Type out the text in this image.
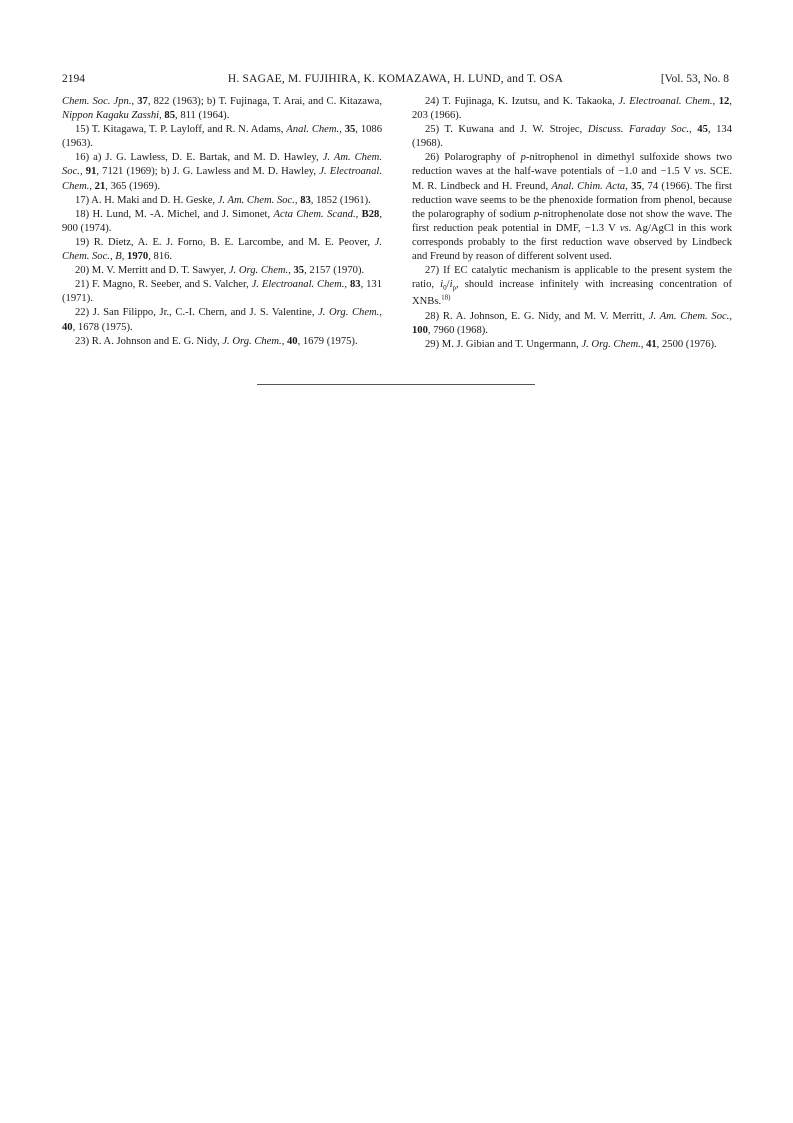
2194	H. SAGAE, M. FUJIHIRA, K. KOMAZAWA, H. LUND, and T. OSA	[Vol. 53, No. 8

Chem. Soc. Jpn., 37, 822 (1963); b) T. Fujinaga, T. Arai, and C. Kitazawa, Nippon Kagaku Zasshi, 85, 811 (1964).

15) T. Kitagawa, T. P. Layloff, and R. N. Adams, Anal. Chem., 35, 1086 (1963).

16) a) J. G. Lawless, D. E. Bartak, and M. D. Hawley, J. Am. Chem. Soc., 91, 7121 (1969); b) J. G. Lawless and M. D. Hawley, J. Electroanal. Chem., 21, 365 (1969).

17) A. H. Maki and D. H. Geske, J. Am. Chem. Soc., 83, 1852 (1961).

18) H. Lund, M. -A. Michel, and J. Simonet, Acta Chem. Scand., B28, 900 (1974).

19) R. Dietz, A. E. J. Forno, B. E. Larcombe, and M. E. Peover, J. Chem. Soc., B, 1970, 816.

20) M. V. Merritt and D. T. Sawyer, J. Org. Chem., 35, 2157 (1970).

21) F. Magno, R. Seeber, and S. Valcher, J. Electroanal. Chem., 83, 131 (1971).

22) J. San Filippo, Jr., C.-I. Chern, and J. S. Valentine, J. Org. Chem., 40, 1678 (1975).

23) R. A. Johnson and E. G. Nidy, J. Org. Chem., 40, 1679 (1975).

24) T. Fujinaga, K. Izutsu, and K. Takaoka, J. Electroanal. Chem., 12, 203 (1966).

25) T. Kuwana and J. W. Strojec, Discuss. Faraday Soc., 45, 134 (1968).

26) Polarography of p-nitrophenol in dimethyl sulfoxide shows two reduction waves at the half-wave potentials of −1.0 and −1.5 V vs. SCE. M. R. Lindbeck and H. Freund, Anal. Chim. Acta, 35, 74 (1966). The first reduction wave seems to be the phenoxide formation from phenol, because the polarography of sodium p-nitrophenolate dose not show the wave. The first reduction peak potential in DMF, −1.3 V vs. Ag/AgCl in this work corresponds probably to the first reduction wave observed by Lindbeck and Freund by reason of different solvent used.

27) If EC catalytic mechanism is applicable to the present system the ratio, $i_0/i_p$, should increase infinitely with increasing concentration of XNBs.$^{18)}$

28) R. A. Johnson, E. G. Nidy, and M. V. Merritt, J. Am. Chem. Soc., 100, 7960 (1968).

29) M. J. Gibian and T. Ungermann, J. Org. Chem., 41, 2500 (1976).
